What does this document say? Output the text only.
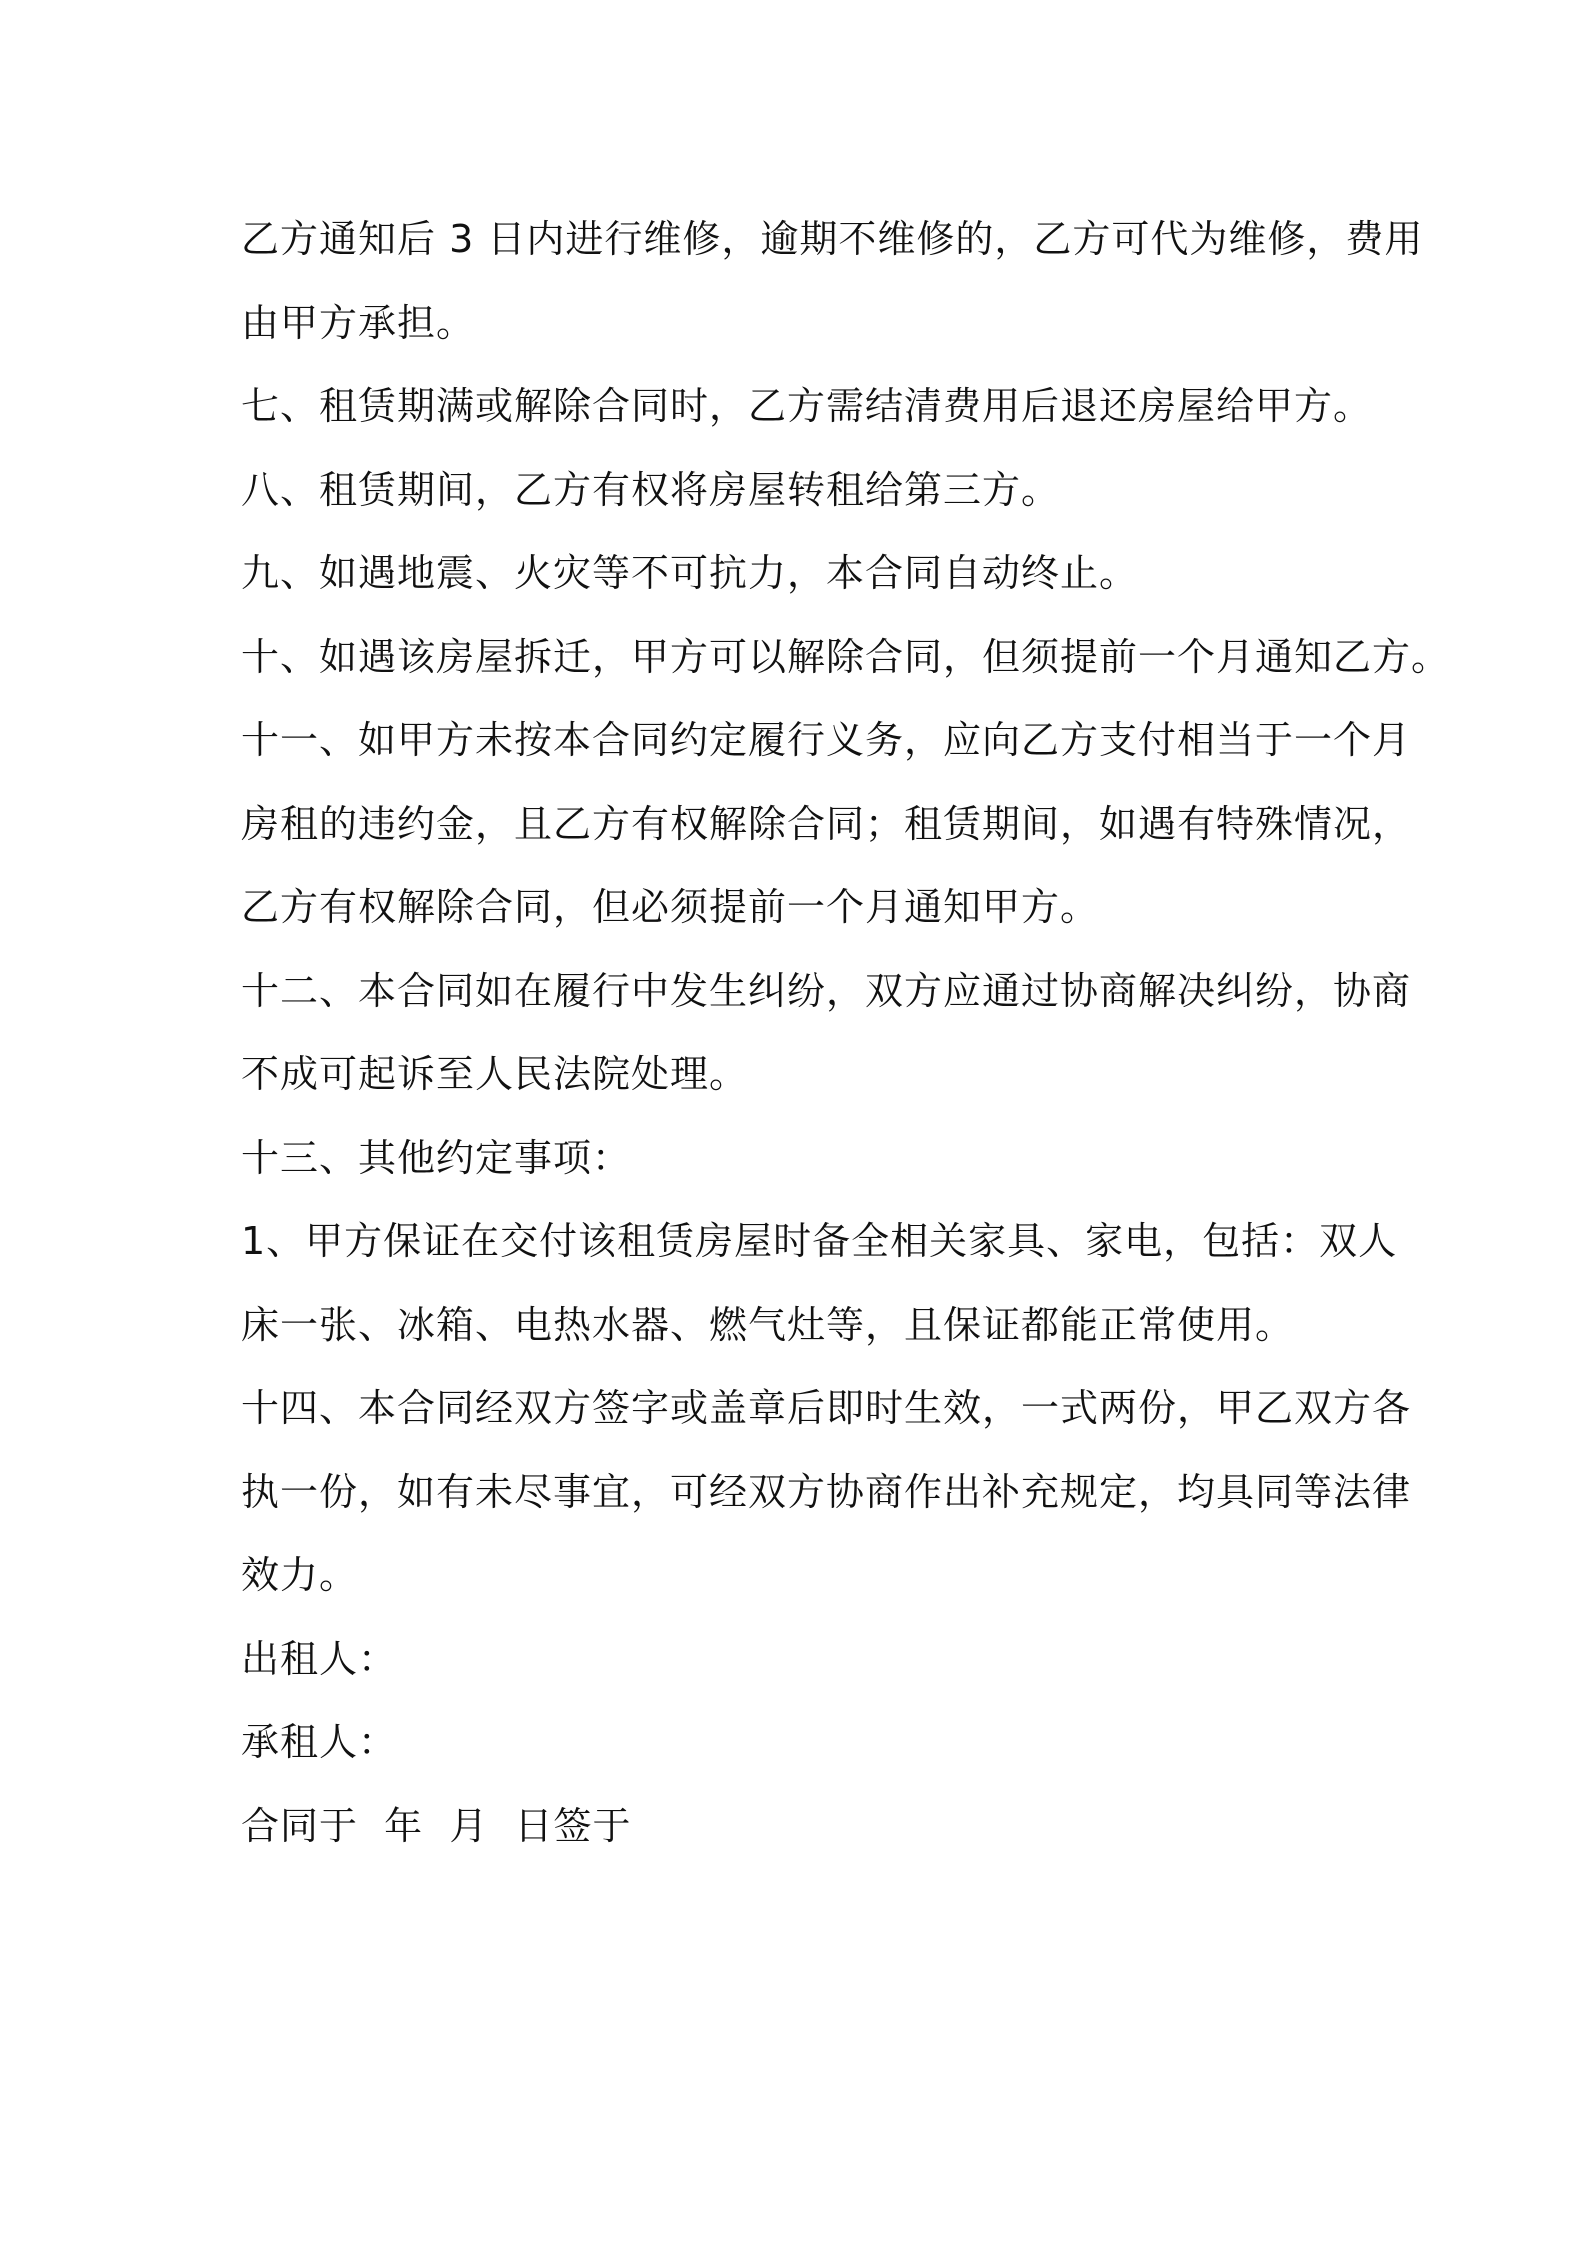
乙方通知后 3 日内进行维修，逾期不维修的，乙方可代为维修，费用
由甲方承担。

七、租赁期满或解除合同时，乙方需结清费用后退还房屋给甲方。

八、租赁期间，乙方有权将房屋转租给第三方。

九、如遇地震、火灾等不可抗力，本合同自动终止。

十、如遇该房屋拆迁，甲方可以解除合同，但须提前一个月通知乙方。

十一、如甲方未按本合同约定履行义务，应向乙方支付相当于一个月
房租的违约金，且乙方有权解除合同；租赁期间，如遇有特殊情况，
乙方有权解除合同，但必须提前一个月通知甲方。

十二、本合同如在履行中发生纠纷，双方应通过协商解决纠纷，协商
不成可起诉至人民法院处理。

十三、其他约定事项：

1、甲方保证在交付该租赁房屋时备全相关家具、家电，包括：双人
床一张、冰箱、电热水器、燃气灶等，且保证都能正常使用。

十四、本合同经双方签字或盖章后即时生效，一式两份，甲乙双方各
执一份，如有未尽事宜，可经双方协商作出补充规定，均具同等法律
效力。

出租人：

承租人：

合同于  年  月  日签于
